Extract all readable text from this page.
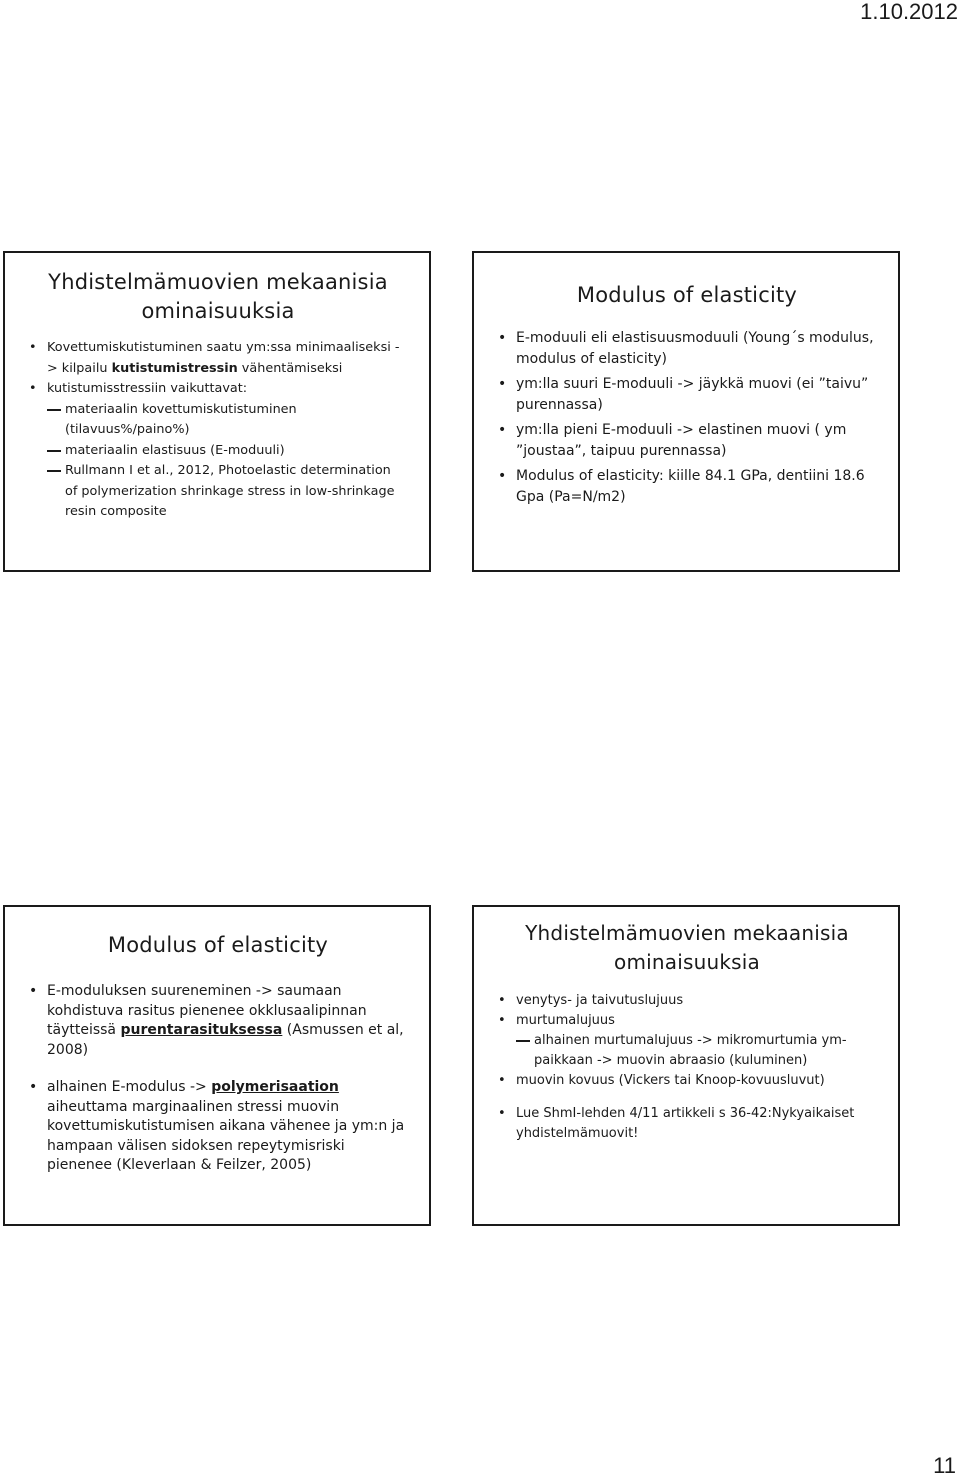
1.10.2012
Yhdistelmämuovien mekaanisia
ominaisuuksia
• Kovettumiskutistuminen saatu ym:ssa minimaaliseksi -> kilpailu kutistumistressin vähentämiseksi
• kutistumisstressiin vaikuttavat:
materiaalin kovettumiskutistuminen (tilavuus%/paino%)
materiaalin elastisuus (E-moduuli)
Rullmann I et al., 2012, Photoelastic determination of polymerization shrinkage stress in low-shrinkage resin composite
Modulus of elasticity
• E-moduuli eli elastisuusmoduuli (Young´s modulus, modulus of elasticity)
• ym:lla suuri E-moduuli -> jäykkä muovi (ei ”taivu” purennassa)
• ym:lla pieni E-moduuli -> elastinen muovi ( ym ”joustaa”, taipuu purennassa)
• Modulus of elasticity: kiille 84.1 GPa, dentiini 18.6 Gpa (Pa=N/m2)
Modulus of elasticity
• E-moduluksen suureneminen -> saumaan kohdistuva rasitus pienenee okklusaalipinnan täytteissä purentarasituksessa (Asmussen et al, 2008)
• alhainen E-modulus -> polymerisaation aiheuttama marginaalinen stressi muovin kovettumiskutistumisen aikana vähenee ja ym:n ja hampaan välisen sidoksen repeytymisriski pienenee (Kleverlaan & Feilzer, 2005)
Yhdistelmämuovien mekaanisia
ominaisuuksia
• venytys- ja taivutuslujuus
• murtumalujuus
alhainen murtumalujuus -> mikromurtumia ym-
paikkaan -> muovin abraasio (kuluminen)
• muovin kovuus (Vickers tai Knoop-kovuusluvut)
• Lue ShmI-lehden 4/11 artikkeli s 36-42:Nykyaikaiset yhdistelmämuovit!
11
